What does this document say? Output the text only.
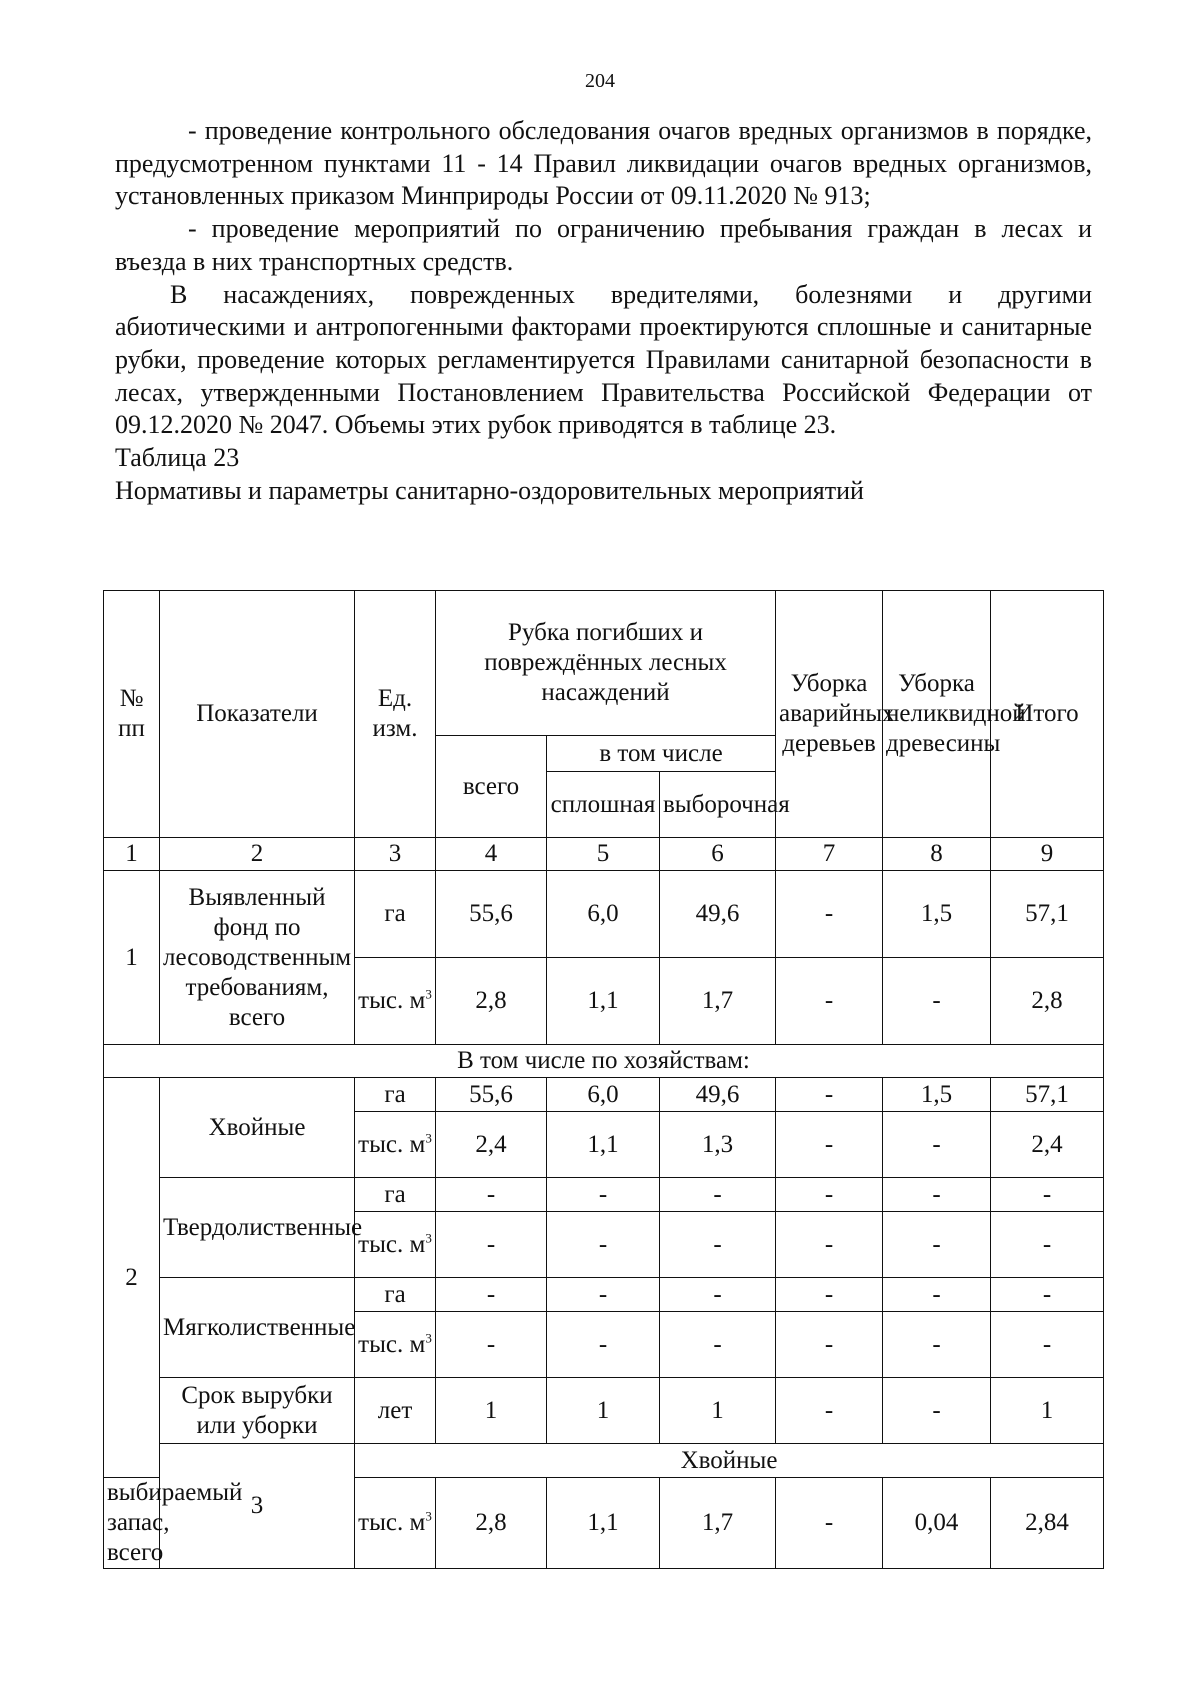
204

- проведение контрольного обследования очагов вредных организмов в порядке, предусмотренном пунктами 11 - 14 Правил ликвидации очагов вредных организмов, установленных приказом Минприроды России от 09.11.2020 № 913;

- проведение мероприятий по ограничению пребывания граждан в лесах и въезда в них транспортных средств.

В насаждениях, поврежденных вредителями, болезнями и другими абиотическими и антропогенными факторами проектируются сплошные и санитарные рубки, проведение которых регламентируется Правилами санитарной безопасности в лесах, утвержденными Постановлением Правительства Российской Федерации от 09.12.2020 № 2047. Объемы этих рубок приводятся в таблице 23.

Таблица 23

Нормативы и параметры санитарно-оздоровительных мероприятий

№ пп	Показатели	Ед. изм.	Рубка погибших и повреждённых лесных насаждений			Уборка аварийных деревьев	Уборка неликвидной древесины	Итого
			всего	в том числе				
				сплошная	выборочная			
1	2	3	4	5	6	7	8	9
1	Выявленный фонд по лесоводственным требованиям, всего	га	55,6	6,0	49,6	-	1,5	57,1
		тыс. $м^3$	2,8	1,1	1,7	-	-	2,8
В том числе по хозяйствам:								
2	Хвойные	га	55,6	6,0	49,6	-	1,5	57,1
		тыс. $м^3$	2,4	1,1	1,3	-	-	2,4
	Твердолиственные	га	-	-	-	-	-	-
		тыс. $м^3$	-	-	-	-	-	-
	Мягколиственные	га	-	-	-	-	-	-
		тыс. $м^3$	-	-	-	-	-	-
	Срок вырубки или уборки	лет	1	1	1	-	-	1
	3	Хвойные						
выбираемый запас, всего		тыс. $м^3$	2,8	1,1	1,7	-	0,04	2,84
